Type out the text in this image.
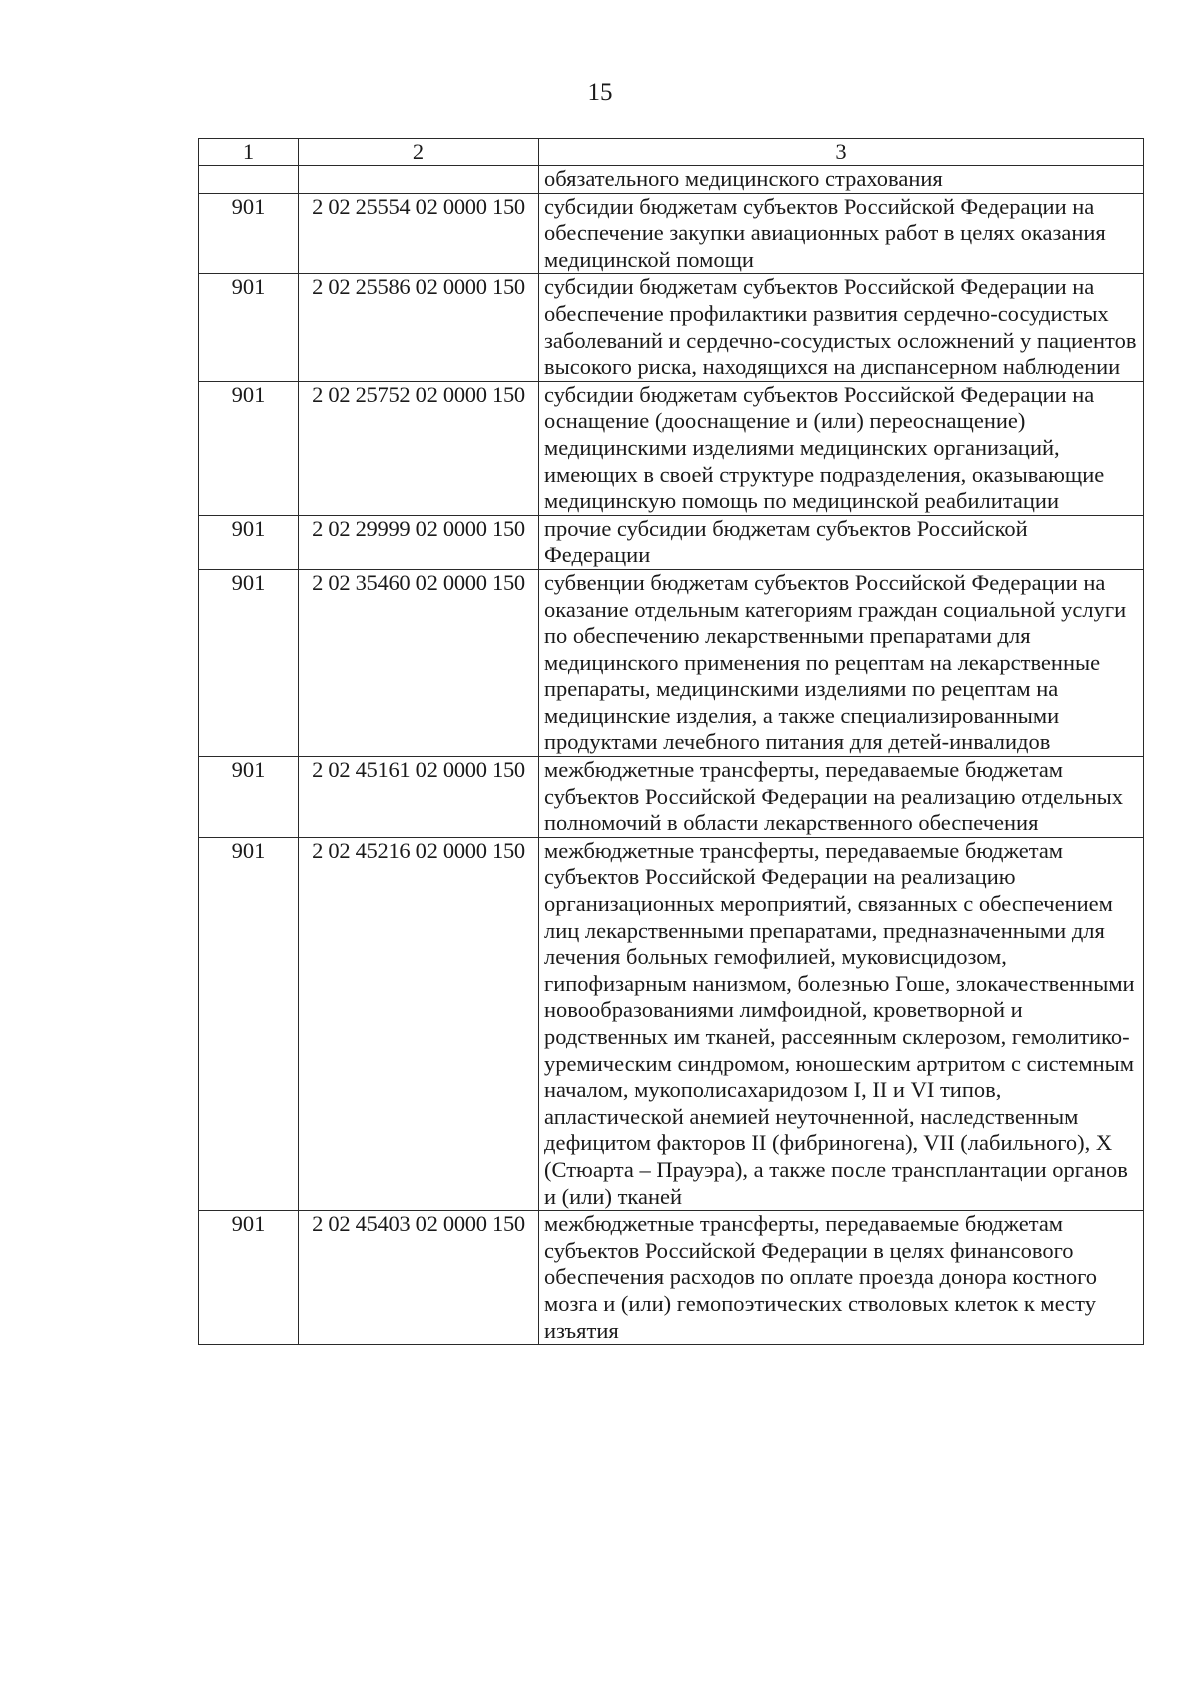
15
1	2	3
		обязательного медицинского страхования
901	2 02 25554 02 0000 150	субсидии бюджетам субъектов Российской Федерации на обеспечение закупки авиационных работ в целях оказания медицинской помощи
901	2 02 25586 02 0000 150	субсидии бюджетам субъектов Российской Федерации на обеспечение профилактики развития сердечно-сосудистых заболеваний и сердечно-сосудистых осложнений у пациентов высокого риска, находящихся на диспансерном наблюдении
901	2 02 25752 02 0000 150	субсидии бюджетам субъектов Российской Федерации на оснащение (дооснащение и (или) переоснащение) медицинскими изделиями медицинских организаций, имеющих в своей структуре подразделения, оказывающие медицинскую помощь по медицинской реабилитации
901	2 02 29999 02 0000 150	прочие субсидии бюджетам субъектов Российской Федерации
901	2 02 35460 02 0000 150	субвенции бюджетам субъектов Российской Федерации на оказание отдельным категориям граждан социальной услуги по обеспечению лекарственными препаратами для медицинского применения по рецептам на лекарственные препараты, медицинскими изделиями по рецептам на медицинские изделия, а также специализированными продуктами лечебного питания для детей-инвалидов
901	2 02 45161 02 0000 150	межбюджетные трансферты, передаваемые бюджетам субъектов Российской Федерации на реализацию отдельных полномочий в области лекарственного обеспечения
901	2 02 45216 02 0000 150	межбюджетные трансферты, передаваемые бюджетам субъектов Российской Федерации на реализацию организационных мероприятий, связанных с обеспечением лиц лекарственными препаратами, предназначенными для лечения больных гемофилией, муковисцидозом, гипофизарным нанизмом, болезнью Гоше, злокачественными новообразованиями лимфоидной, кроветворной и родственных им тканей, рассеянным склерозом, гемолитико-уремическим синдромом, юношеским артритом с системным началом, мукополисахаридозом I, II и VI типов, апластической анемией неуточненной, наследственным дефицитом факторов II (фибриногена), VII (лабильного), X (Стюарта – Прауэра), а также после трансплантации органов и (или) тканей
901	2 02 45403 02 0000 150	межбюджетные трансферты, передаваемые бюджетам субъектов Российской Федерации в целях финансового обеспечения расходов по оплате проезда донора костного мозга и (или) гемопоэтических стволовых клеток к месту изъятия
